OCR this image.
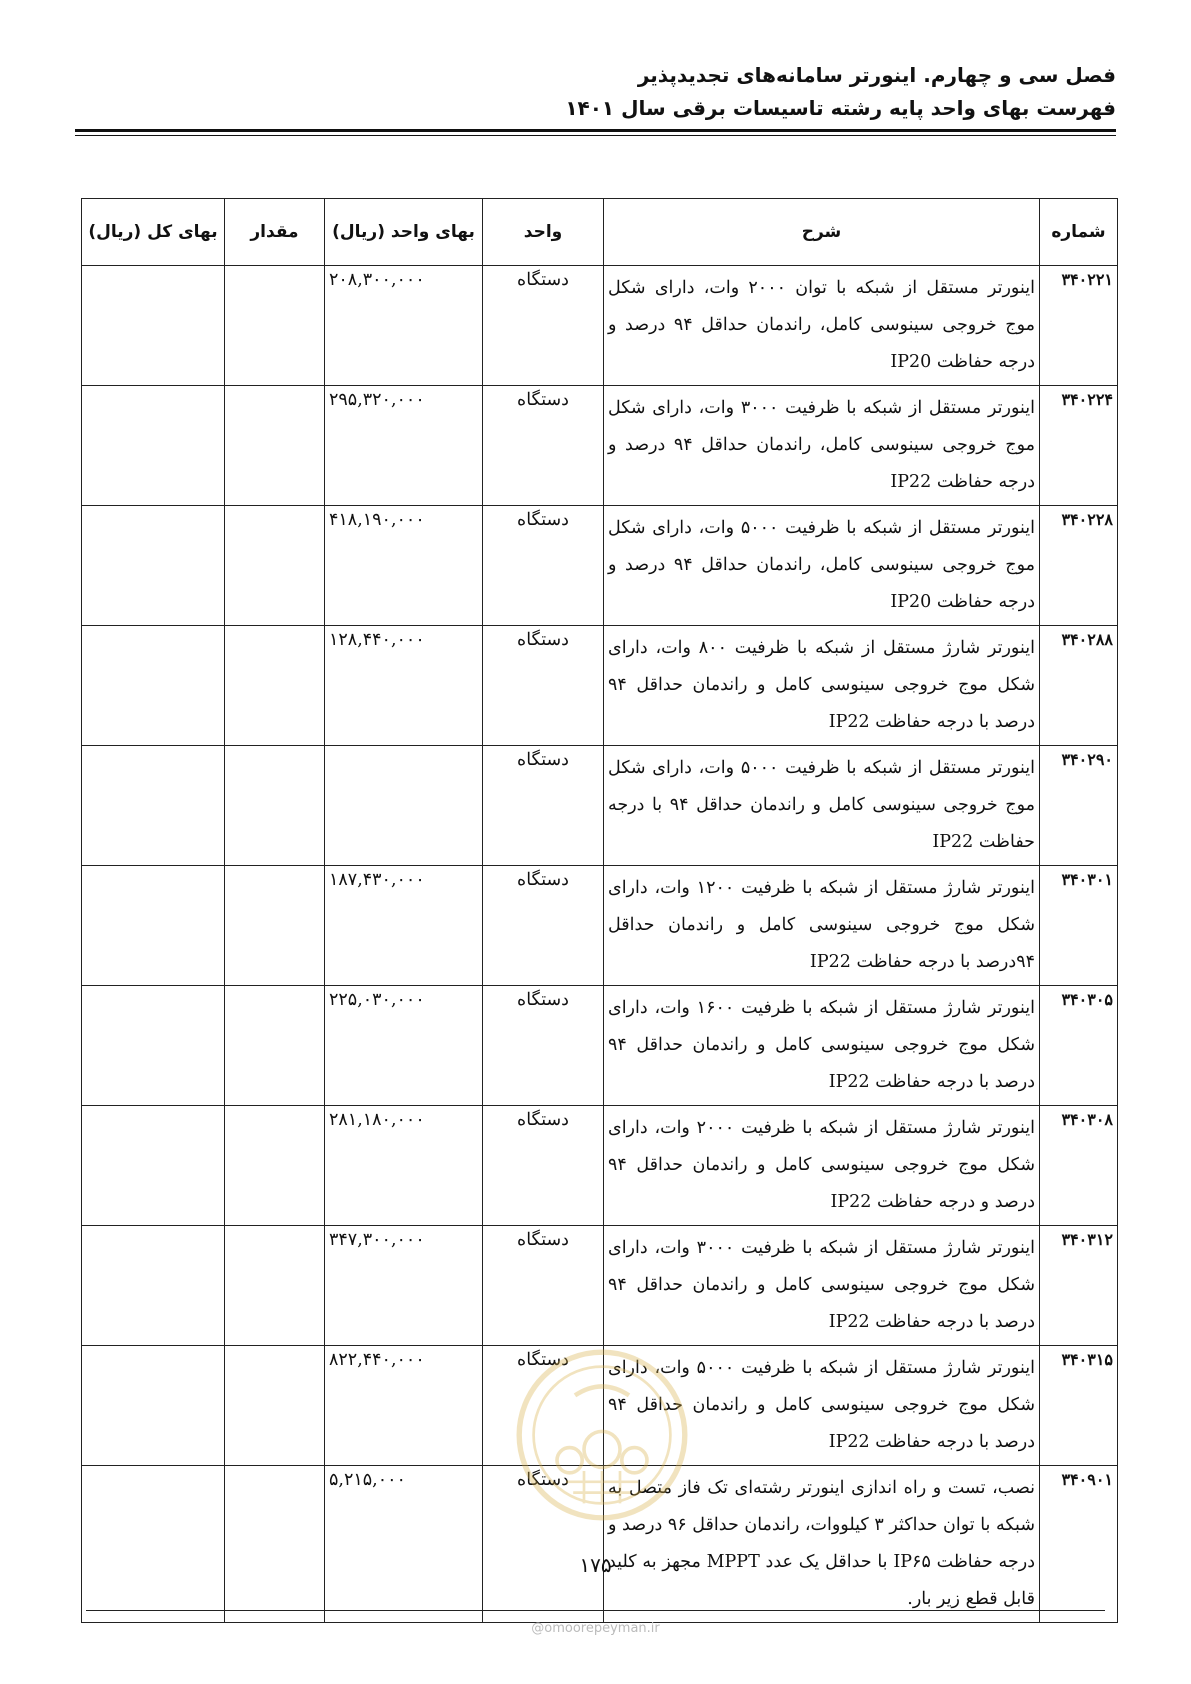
فصل سی و چهارم. اینورتر سامانه‌های تجدیدپذیر
فهرست بهای واحد پایه رشته تاسیسات برقی سال ۱۴۰۱
شماره	شرح	واحد	بهای واحد (ریال)	مقدار	بهای کل (ریال)
۳۴۰۲۲۱	اینورتر مستقل از شبکه با توان ۲۰۰۰ وات، دارای شکل موج خروجی سینوسی کامل، راندمان حداقل ۹۴ درصد و درجه حفاظت IP20	دستگاه	۲۰۸,۳۰۰,۰۰۰		
۳۴۰۲۲۴	اینورتر مستقل از شبکه با ظرفیت ۳۰۰۰ وات، دارای شکل موج خروجی سینوسی کامل، راندمان حداقل ۹۴ درصد و درجه حفاظت IP22	دستگاه	۲۹۵,۳۲۰,۰۰۰		
۳۴۰۲۲۸	اینورتر مستقل از شبکه با ظرفیت ۵۰۰۰ وات، دارای شکل موج خروجی سینوسی کامل، راندمان حداقل ۹۴ درصد و درجه حفاظت IP20	دستگاه	۴۱۸,۱۹۰,۰۰۰		
۳۴۰۲۸۸	اینورتر شارژ مستقل از شبکه با ظرفیت ۸۰۰ وات، دارای شکل موج خروجی سینوسی کامل و راندمان حداقل ۹۴ درصد با درجه حفاظت IP22	دستگاه	۱۲۸,۴۴۰,۰۰۰		
۳۴۰۲۹۰	اینورتر مستقل از شبکه با ظرفیت ۵۰۰۰ وات، دارای شکل موج خروجی سینوسی کامل و راندمان حداقل ۹۴ با درجه حفاظت IP22	دستگاه			
۳۴۰۳۰۱	اینورتر شارژ مستقل از شبکه با ظرفیت ۱۲۰۰ وات، دارای شکل موج خروجی سینوسی کامل و راندمان حداقل ۹۴درصد با درجه حفاظت IP22	دستگاه	۱۸۷,۴۳۰,۰۰۰		
۳۴۰۳۰۵	اینورتر شارژ مستقل از شبکه با ظرفیت ۱۶۰۰ وات، دارای شکل موج خروجی سینوسی کامل و راندمان حداقل ۹۴ درصد با درجه حفاظت IP22	دستگاه	۲۲۵,۰۳۰,۰۰۰		
۳۴۰۳۰۸	اینورتر شارژ مستقل از شبکه با ظرفیت ۲۰۰۰ وات، دارای شکل موج خروجی سینوسی کامل و راندمان حداقل ۹۴ درصد و درجه حفاظت IP22	دستگاه	۲۸۱,۱۸۰,۰۰۰		
۳۴۰۳۱۲	اینورتر شارژ مستقل از شبکه با ظرفیت ۳۰۰۰ وات، دارای شکل موج خروجی سینوسی کامل و راندمان حداقل ۹۴ درصد با درجه حفاظت IP22	دستگاه	۳۴۷,۳۰۰,۰۰۰		
۳۴۰۳۱۵	اینورتر شارژ مستقل از شبکه با ظرفیت ۵۰۰۰ وات، دارای شکل موج خروجی سینوسی کامل و راندمان حداقل ۹۴ درصد با درجه حفاظت IP22	دستگاه	۸۲۲,۴۴۰,۰۰۰		
۳۴۰۹۰۱	نصب، تست و راه اندازی اینورتر رشته‌ای تک فاز متصل به شبکه با توان حداکثر ۳ کیلووات، راندمان حداقل ۹۶ درصد و درجه حفاظت IP۶۵ با حداقل یک عدد MPPT مجهز به کلید قابل قطع زیر بار.	دستگاه	۵,۲۱۵,۰۰۰		
۱۷۵
@omoorepeyman.ir
